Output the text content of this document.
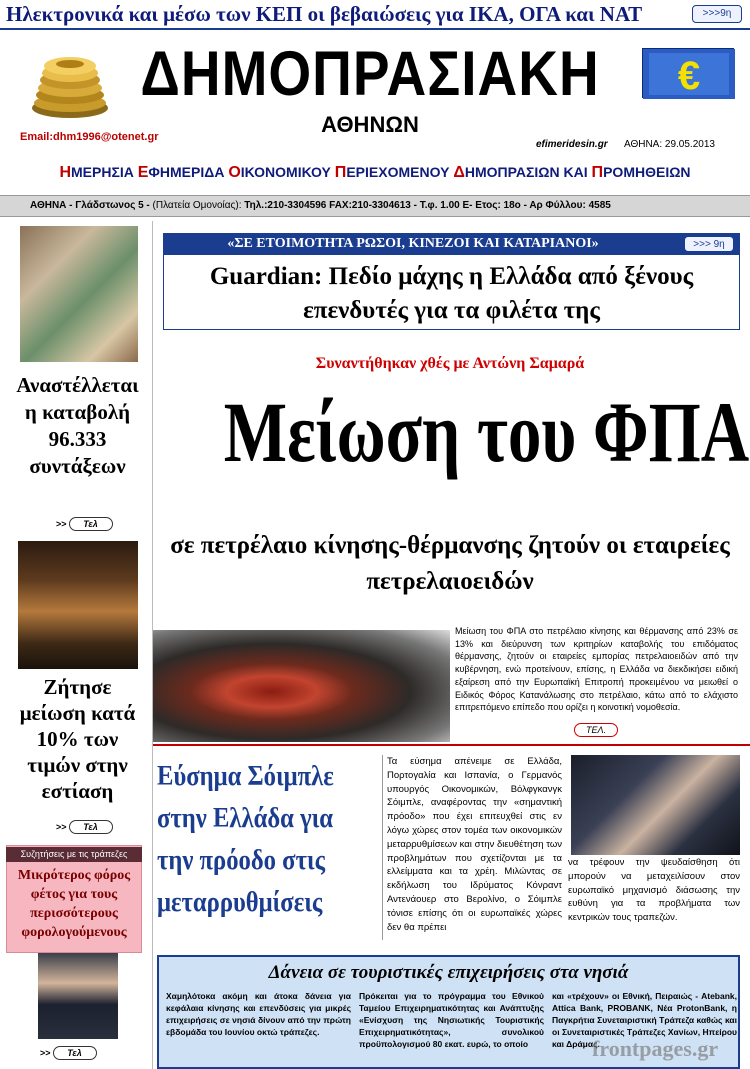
Ηλεκτρονικά και μέσω των ΚΕΠ οι βεβαιώσεις για ΙΚΑ, ΟΓΑ και ΝΑΤ	>>>9η
ΔΗΜΟΠΡΑΣΙΑΚΗ
ΑΘΗΝΩΝ
€
Email:dhm1996@otenet.gr
efimeridesin.gr ΑΘΗΝΑ: 29.05.2013
ΗΜΕΡΗΣΙΑ ΕΦΗΜΕΡΙΔΑ ΟΙΚΟΝΟΜΙΚΟΥ ΠΕΡΙΕΧΟΜΕΝΟΥ ΔΗΜΟΠΡΑΣΙΩΝ ΚΑΙ ΠΡΟΜΗΘΕΙΩΝ
ΑΘΗΝΑ - Γλάδστωνος 5 - (Πλατεία Ομονοίας): Τηλ.:210-3304596 FAX:210-3304613 - Τ.φ. 1.00 Ε- Ετος: 18ο - Αρ Φύλλου: 4585
Αναστέλλεται η καταβολή 96.333 συντάξεων
>> Τελ
Ζήτησε μείωση κατά 10% των τιμών στην εστίαση
>> Τελ
Συζητήσεις με τις τράπεζες
Μικρότερος φόρος φέτος για τους περισσότερους φορολογούμενους
>> Τελ
«ΣΕ ΕΤΟΙΜΟΤΗΤΑ ΡΩΣΟΙ, ΚΙΝΕΖΟΙ ΚΑΙ ΚΑΤΑΡΙΑΝΟΙ»	>>> 9η
Guardian: Πεδίο μάχης η Ελλάδα από ξένους επενδυτές για τα φιλέτα της
Συναντήθηκαν χθές με Αντώνη Σαμαρά
Μείωση του ΦΠΑ
σε πετρέλαιο κίνησης-θέρμανσης ζητούν οι εταιρείες πετρελαιοειδών
Μείωση του ΦΠΑ στο πετρέλαιο κίνησης και θέρμανσης από 23% σε 13% και διεύρυνση των κριτηρίων καταβολής του επιδόματος θέρμανσης, ζητούν οι εταιρείες εμπορίας πετρελαιοειδών από την κυβέρνηση, ενώ προτείνουν, επίσης, η Ελλάδα να διεκδικήσει ειδική εξαίρεση από την Ευρωπαϊκή Επιτροπή προκειμένου να μειωθεί ο Ειδικός Φόρος Κατανάλωσης στο πετρέλαιο, κάτω από το ελάχιστο επιτρεπόμενο επίπεδο που ορίζει η κοινοτική νομοθεσία.
ΤΕΛ.
Εύσημα Σόιμπλε στην Ελλάδα για την πρόοδο στις μεταρρυθμίσεις
Τα εύσημα απένειμε σε Ελλάδα, Πορτογαλία και Ισπανία, ο Γερμανός υπουργός Οικονομικών, Βόλφγκανγκ Σόιμπλε, αναφέροντας την «σημαντική πρόοδο» που έχει επιτευχθεί στις εν λόγω χώρες στον τομέα των οικονομικών μεταρρυθμίσεων και στην διευθέτηση των προβλημάτων που σχετίζονται με τα ελλείμματα και τα χρέη. Μιλώντας σε εκδήλωση του Ιδρύματος Κόνραντ Αντενάουερ στο Βερολίνο, ο Σόιμπλε τόνισε επίσης ότι οι ευρωπαϊκές χώρες δεν θα πρέπει
να τρέφουν την ψευδαίσθηση ότι μπορούν να μεταχειλίσουν στον ευρωπαϊκό μηχανισμό διάσωσης την ευθύνη για τα προβλήματα των κεντρικών τους τραπεζών.
Δάνεια σε τουριστικές επιχειρήσεις στα νησιά
Χαμηλότοκα ακόμη και άτοκα δάνεια για κεφάλαια κίνησης και επενδύσεις για μικρές επιχειρήσεις σε νησιά δίνουν από την πρώτη εβδομάδα του Ιουνίου οκτώ τράπεζες.
Πρόκειται για το πρόγραμμα του Εθνικού Ταμείου Επιχειρηματικότητας και Ανάπτυξης «Ενίσχυση της Νησιωτικής Τουριστικής Επιχειρηματικότητας», συνολικού προϋπολογισμού 80 εκατ. ευρώ, το οποίο
και «τρέχουν» οι Εθνική, Πειραιώς - Atebank, Attica Bank, PROBANK, Νέα ProtonBank, η Παγκρήτια Συνεταιριστική Τράπεζα καθώς και οι Συνεταιριστικές Τράπεζες Χανίων, Ηπείρου και Δράμας.
frontpages.gr
